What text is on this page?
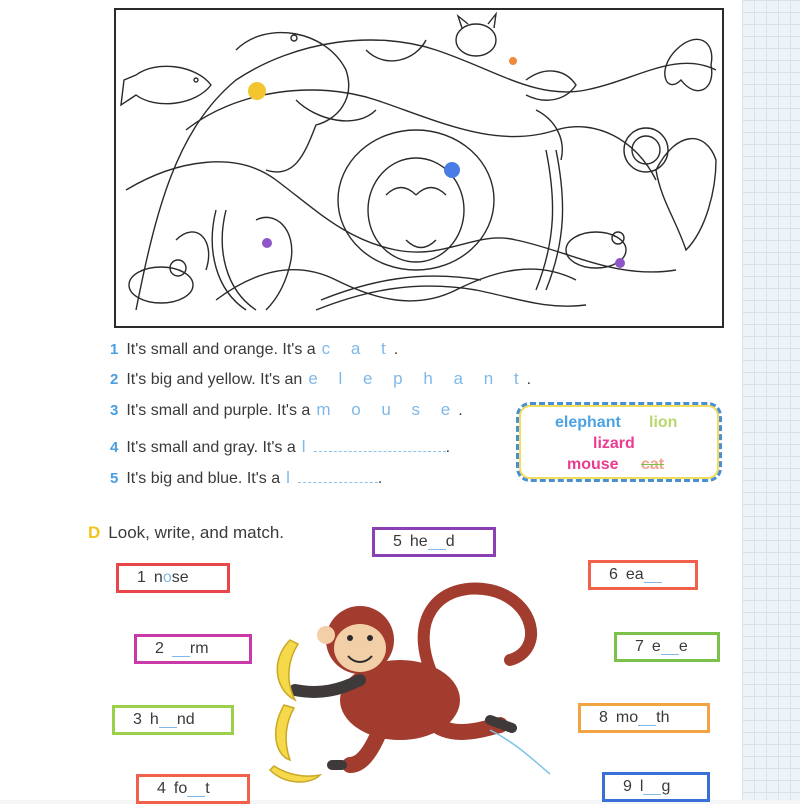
1 It's small and orange. It's a c a t.
2 It's big and yellow. It's an e l e p h a n t.
3 It's small and purple. It's a m o u s e.
4 It's small and gray. It's a l	.
5 It's big and blue. It's a l	.
elephant lion
lizard
mouse cat
D Look, write, and match.
1 n o se
2 rm
3 h nd
4 fo t
5 he d
6 ea
7 e e
8 mo th
9 l g
